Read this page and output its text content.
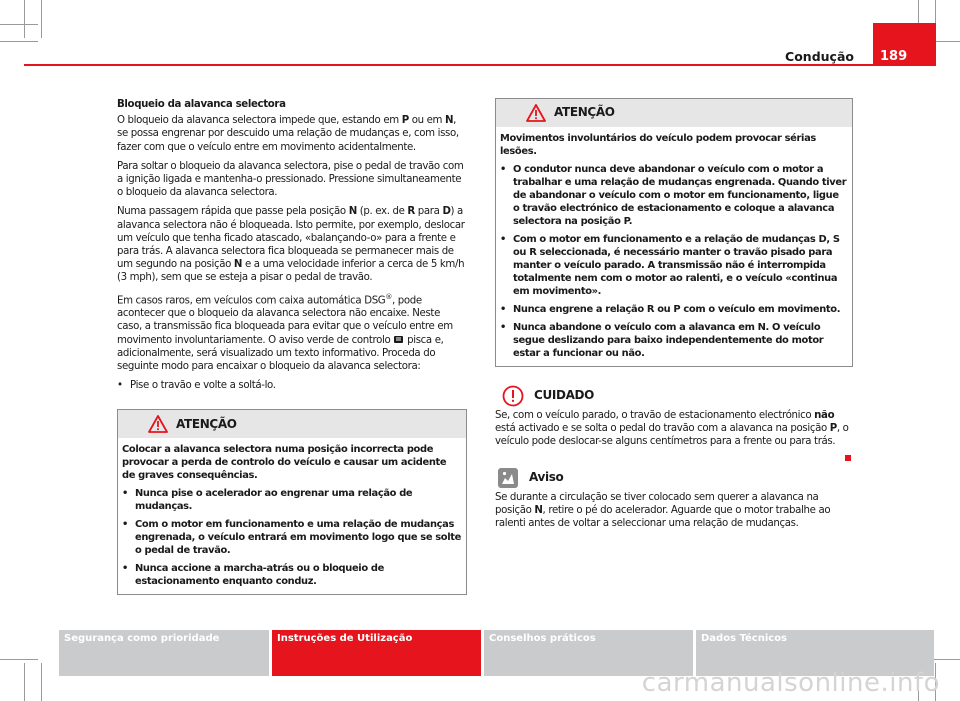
Condução	189

Bloqueio da alavanca selectora

O bloqueio da alavanca selectora impede que, estando em P ou em N, se possa engrenar por descuido uma relação de mudanças e, com isso, fazer com que o veículo entre em movimento acidentalmente.

Para soltar o bloqueio da alavanca selectora, pise o pedal de travão com a ignição ligada e mantenha-o pressionado. Pressione simultaneamente o bloqueio da alavanca selectora.

Numa passagem rápida que passe pela posição N (p. ex. de R para D) a alavanca selectora não é bloqueada. Isto permite, por exemplo, deslocar um veículo que tenha ficado atascado, «balançando-o» para a frente e para trás. A alavanca selectora fica bloqueada se permanecer mais de um segundo na posição N e a uma velocidade inferior a cerca de 5 km/h (3 mph), sem que se esteja a pisar o pedal de travão.

Em casos raros, em veículos com caixa automática DSG®, pode acontecer que o bloqueio da alavanca selectora não encaixe. Neste caso, a transmissão fica bloqueada para evitar que o veículo entre em movimento involuntariamente. O aviso verde de controlo  pisca e, adicionalmente, será visualizado um texto informativo. Proceda do seguinte modo para encaixar o bloqueio da alavanca selectora:

• Pise o travão e volte a soltá-lo.

ATENÇÃO

Colocar a alavanca selectora numa posição incorrecta pode provocar a perda de controlo do veículo e causar um acidente de graves consequências.

• Nunca pise o acelerador ao engrenar uma relação de mudanças.

• Com o motor em funcionamento e uma relação de mudanças engrenada, o veículo entrará em movimento logo que se solte o pedal de travão.

• Nunca accione a marcha-atrás ou o bloqueio de estacionamento enquanto conduz.

ATENÇÃO

Movimentos involuntários do veículo podem provocar sérias lesões.

• O condutor nunca deve abandonar o veículo com o motor a trabalhar e uma relação de mudanças engrenada. Quando tiver de abandonar o veículo com o motor em funcionamento, ligue o travão electrónico de estacionamento e coloque a alavanca selectora na posição P.

• Com o motor em funcionamento e a relação de mudanças D, S ou R seleccionada, é necessário manter o travão pisado para manter o veículo parado. A transmissão não é interrompida totalmente nem com o motor ao ralenti, e o veículo «continua em movimento».

• Nunca engrene a relação R ou P com o veículo em movimento.

• Nunca abandone o veículo com a alavanca em N. O veículo segue deslizando para baixo independentemente do motor estar a funcionar ou não.

CUIDADO

Se, com o veículo parado, o travão de estacionamento electrónico não está activado e se solta o pedal do travão com a alavanca na posição P, o veículo pode deslocar-se alguns centímetros para a frente ou para trás.

Aviso

Se durante a circulação se tiver colocado sem querer a alavanca na posição N, retire o pé do acelerador. Aguarde que o motor trabalhe ao ralenti antes de voltar a seleccionar uma relação de mudanças.

Segurança como prioridade	Instruções de Utilização	Conselhos práticos	Dados Técnicos
carmanualsonline.info
